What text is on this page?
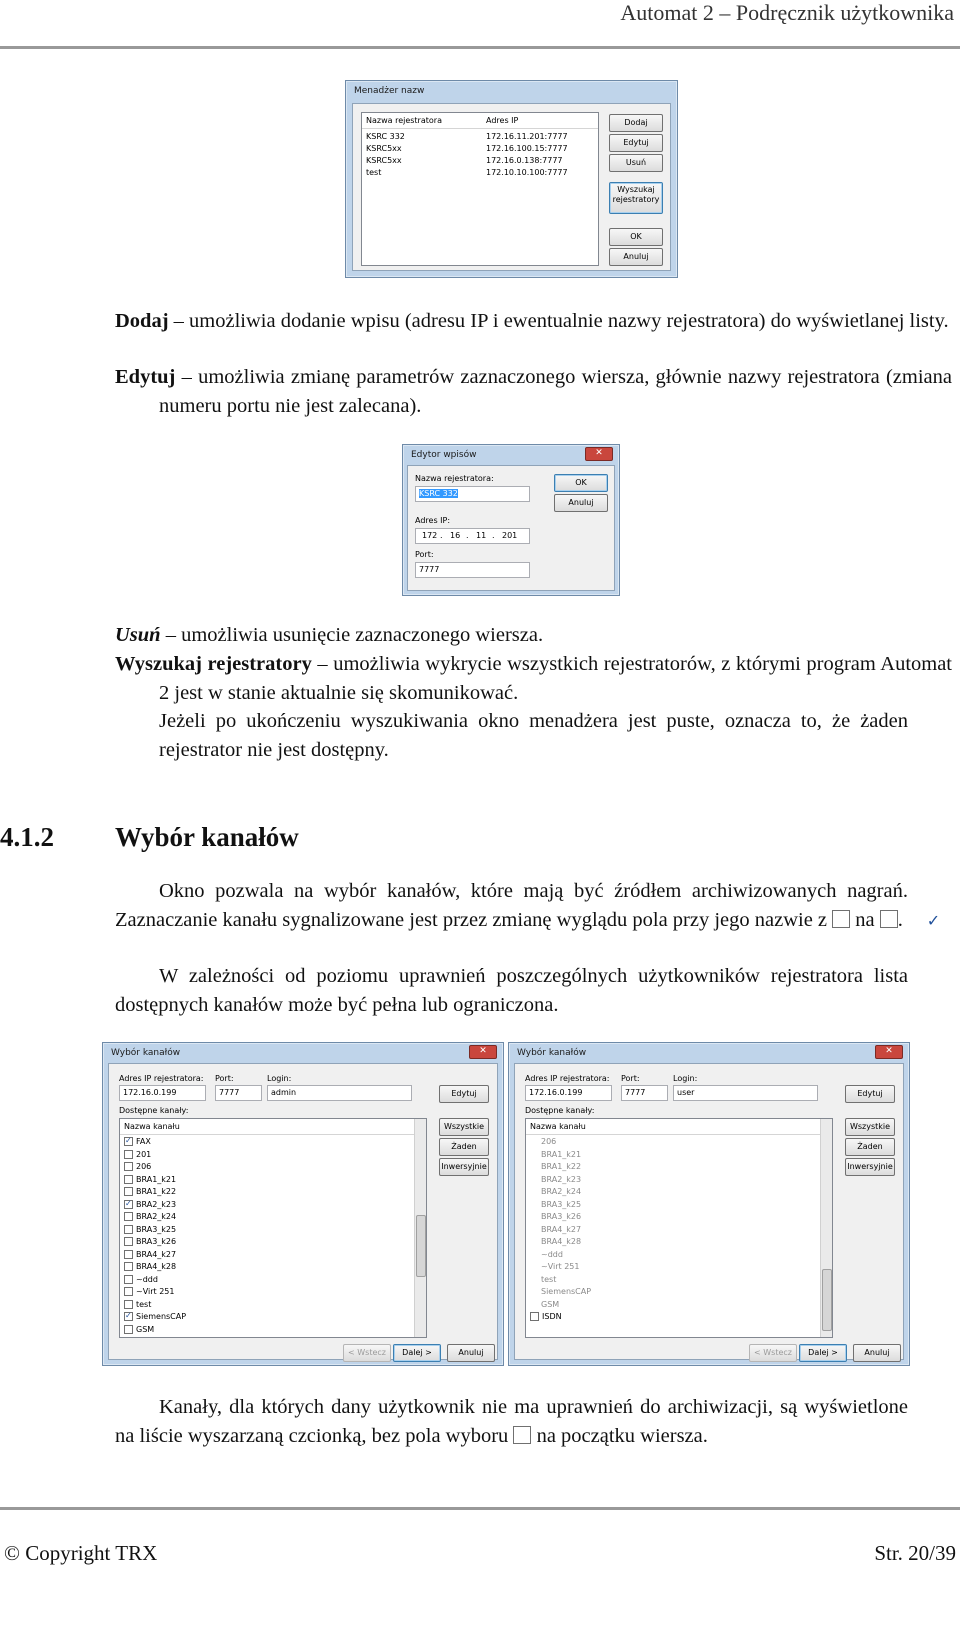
Automat 2 – Podręcznik użytkownika
Menadżer nazw
Nazwa rejestratora	Adres IP
KSRC 332	172.16.11.201:7777
KSRC5xx	172.16.100.15:7777
KSRC5xx	172.16.0.138:7777
test	172.10.10.100:7777
Dodaj
Edytuj
Usuń
Wyszukaj
rejestratory
OK
Anuluj
Dodaj – umożliwia dodanie wpisu (adresu IP i ewentualnie nazwy rejestratora) do wyświetlanej listy.
Edytuj – umożliwia zmianę parametrów zaznaczonego wiersza, głównie nazwy rejestratora (zmiana numeru portu nie jest zalecana).
Edytor wpisów	✕
Nazwa rejestratora:
KSRC 332
Adres IP:
172 . 16 . 11 . 201
Port:
7777
OK
Anuluj
Usuń – umożliwia usunięcie zaznaczonego wiersza.
Wyszukaj rejestratory – umożliwia wykrycie wszystkich rejestratorów, z którymi program Automat 2 jest w stanie aktualnie się skomunikować.
Jeżeli po ukończeniu wyszukiwania okno menadżera jest puste, oznacza to, że żaden rejestrator nie jest dostępny.
4.1.2 Wybór kanałów
Okno pozwala na wybór kanałów, które mają być źródłem archiwizowanych nagrań. Zaznaczanie kanału sygnalizowane jest przez zmianę wyglądu pola przy jego nazwie z na ✓
W zależności od poziomu uprawnień poszczególnych użytkowników rejestratora lista dostępnych kanałów może być pełna lub ograniczona.
Wybór kanałów	✕
Adres IP rejestratora:
172.16.0.199
Port:
7777
Login:
admin	Edytuj
Dostępne kanały:
Nazwa kanału
✓FAX
201
206
BRA1_k21
BRA1_k22
✓BRA2_k23
BRA2_k24
BRA3_k25
BRA3_k26
BRA4_k27
BRA4_k28
~ddd
~Virt 251
test
✓SiemensCAP
GSM
Wszystkie
Żaden
Inwersyjnie
< Wstecz	Dalej >	Anuluj
Wybór kanałów	✕
Adres IP rejestratora:
172.16.0.199
Port:
7777
Login:
user	Edytuj
Dostępne kanały:
Nazwa kanału
206
BRA1_k21
BRA1_k22
BRA2_k23
BRA2_k24
BRA3_k25
BRA3_k26
BRA4_k27
BRA4_k28
~ddd
~Virt 251
test
SiemensCAP
GSM
ISDN
Wszystkie
Żaden
Inwersyjnie
< Wstecz	Dalej >	Anuluj
Kanały, dla których dany użytkownik nie ma uprawnień do archiwizacji, są wyświetlone na liście wyszarzaną czcionką, bez pola wyboru na początku wiersza.
© Copyright TRX	Str. 20/39
